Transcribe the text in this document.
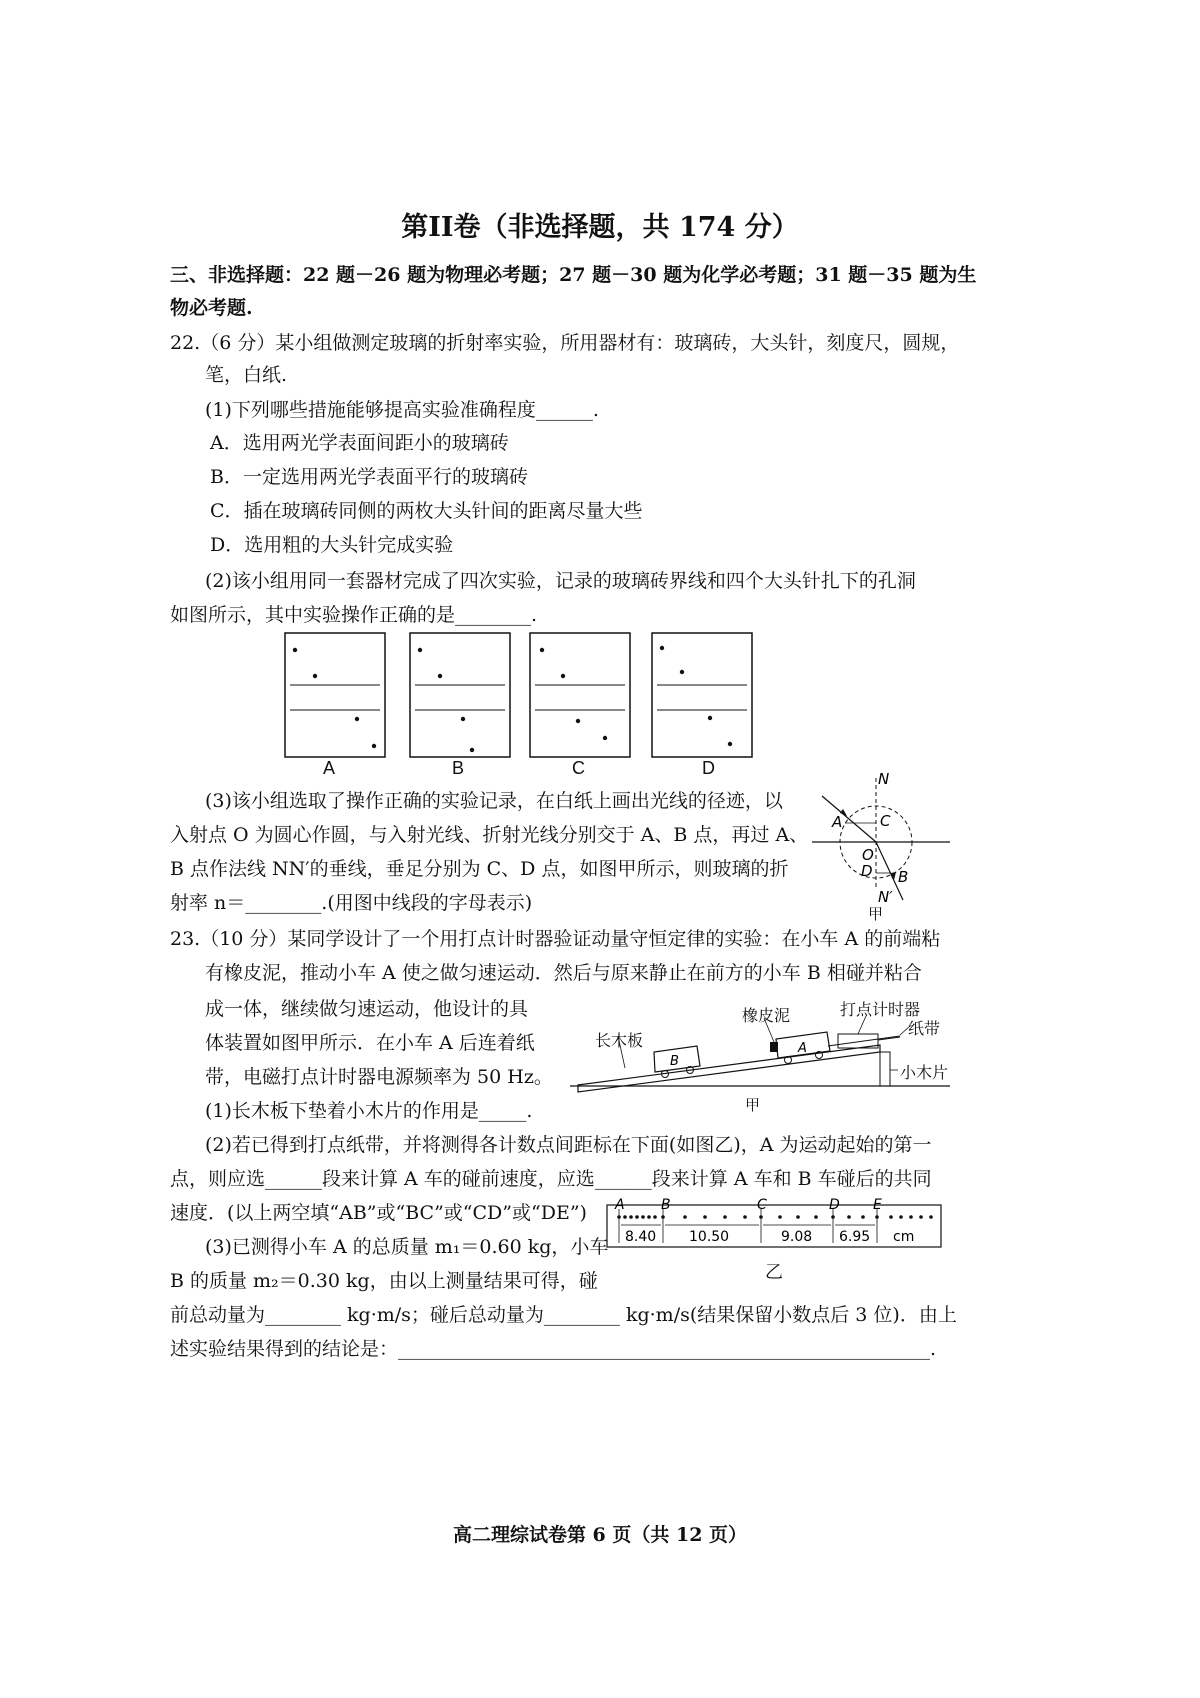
第II卷（非选择题，共 174 分）
三、非选择题：22 题－26 题为物理必考题；27 题－30 题为化学必考题；31 题－35 题为生
物必考题.
22.（6 分）某小组做测定玻璃的折射率实验，所用器材有：玻璃砖，大头针，刻度尺，圆规，
笔，白纸.
(1)下列哪些措施能够提高实验准确程度______.
A．选用两光学表面间距小的玻璃砖
B．一定选用两光学表面平行的玻璃砖
C．插在玻璃砖同侧的两枚大头针间的距离尽量大些
D．选用粗的大头针完成实验
(2)该小组用同一套器材完成了四次实验，记录的玻璃砖界线和四个大头针扎下的孔洞
如图所示，其中实验操作正确的是________.
A	B	C	D
(3)该小组选取了操作正确的实验记录，在白纸上画出光线的径迹，以
入射点 O 为圆心作圆，与入射光线、折射光线分别交于 A、B 点，再过 A、
B 点作法线 NN′的垂线，垂足分别为 C、D 点，如图甲所示，则玻璃的折
射率 n＝________.(用图中线段的字母表示)
N
N′
A	C
O
D B
甲
23.（10 分）某同学设计了一个用打点计时器验证动量守恒定律的实验：在小车 A 的前端粘
有橡皮泥，推动小车 A 使之做匀速运动．然后与原来静止在前方的小车 B 相碰并粘合
成一体，继续做匀速运动，他设计的具
体装置如图甲所示．在小车 A 后连着纸
带，电磁打点计时器电源频率为 50 Hz。
(1)长木板下垫着小木片的作用是_____.
B
A
橡皮泥	打点计时器
纸带
长木板
小木片
甲
(2)若已得到打点纸带，并将测得各计数点间距标在下面(如图乙)，A 为运动起始的第一
点，则应选______段来计算 A 车的碰前速度，应选______段来计算 A 车和 B 车碰后的共同
速度．(以上两空填“AB”或“BC”或“CD”或“DE”) A	B	C	D E
8.40 10.50	9.08 6.95 cm
乙
(3)已测得小车 A 的总质量 m₁＝0.60 kg，小车
B 的质量 m₂＝0.30 kg，由以上测量结果可得，碰
前总动量为________ kg·m/s；碰后总动量为________ kg·m/s(结果保留小数点后 3 位)．由上
述实验结果得到的结论是：________________________________________________________.
高二理综试卷第 6 页（共 12 页）
